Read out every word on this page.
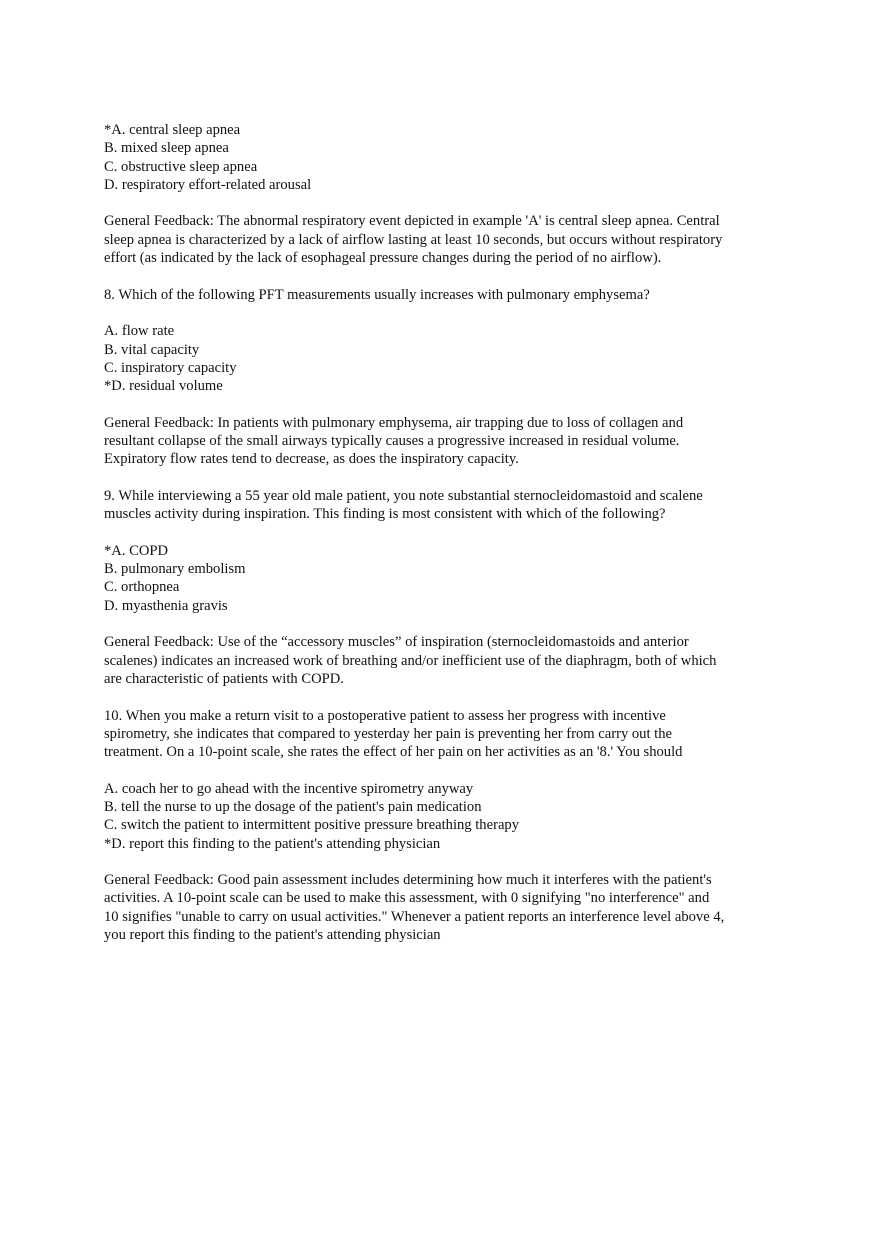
*A. central sleep apnea
B. mixed sleep apnea
C. obstructive sleep apnea
D. respiratory effort-related arousal
General Feedback: The abnormal respiratory event depicted in example 'A' is central sleep apnea. Central
sleep apnea is characterized by a lack of airflow lasting at least 10 seconds, but occurs without respiratory
effort (as indicated by the lack of esophageal pressure changes during the period of no airflow).
8. Which of the following PFT measurements usually increases with pulmonary emphysema?
A. flow rate
B. vital capacity
C. inspiratory capacity
*D. residual volume
General Feedback: In patients with pulmonary emphysema, air trapping due to loss of collagen and
resultant collapse of the small airways typically causes a progressive increased in residual volume.
Expiratory flow rates tend to decrease, as does the inspiratory capacity.
9. While interviewing a 55 year old male patient, you note substantial sternocleidomastoid and scalene
muscles activity during inspiration. This finding is most consistent with which of the following?
*A. COPD
B. pulmonary embolism
C. orthopnea
D. myasthenia gravis
General Feedback: Use of the “accessory muscles” of inspiration (sternocleidomastoids and anterior
scalenes) indicates an increased work of breathing and/or inefficient use of the diaphragm, both of which
are characteristic of patients with COPD.
10. When you make a return visit to a postoperative patient to assess her progress with incentive
spirometry, she indicates that compared to yesterday her pain is preventing her from carry out the
treatment. On a 10-point scale, she rates the effect of her pain on her activities as an '8.' You should
A. coach her to go ahead with the incentive spirometry anyway
B. tell the nurse to up the dosage of the patient's pain medication
C. switch the patient to intermittent positive pressure breathing therapy
*D. report this finding to the patient's attending physician
General Feedback: Good pain assessment includes determining how much it interferes with the patient's
activities. A 10-point scale can be used to make this assessment, with 0 signifying "no interference" and
10 signifies "unable to carry on usual activities." Whenever a patient reports an interference level above 4,
you report this finding to the patient's attending physician
